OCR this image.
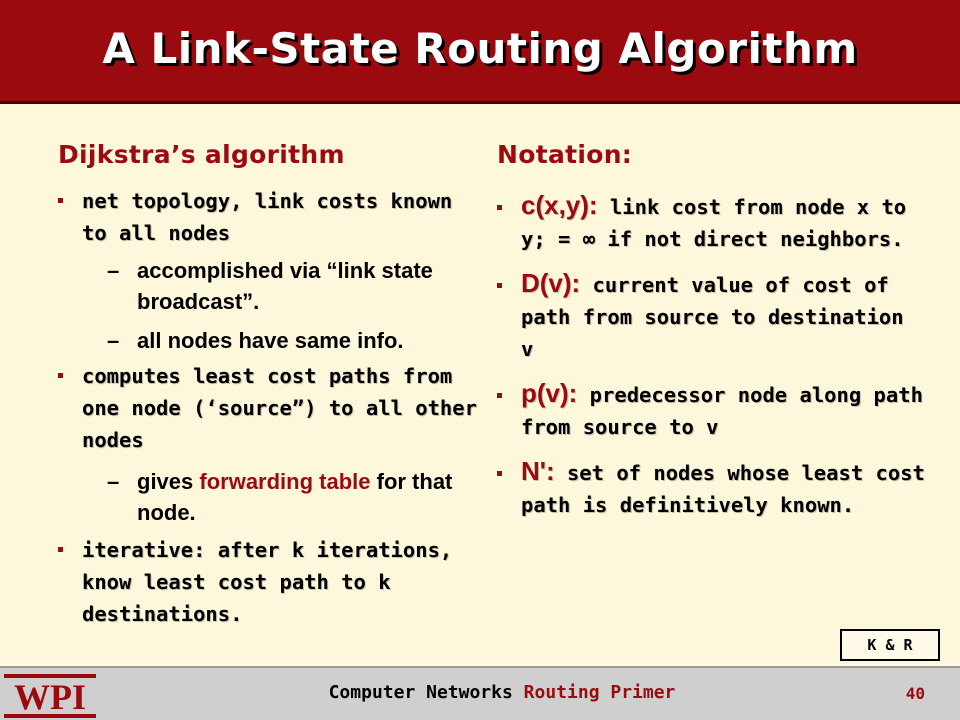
A Link-State Routing Algorithm
Dijkstra’s algorithm
net topology, link costs known to all nodes
– accomplished via “link state broadcast”.
– all nodes have same info.
computes least cost paths from one node (‘source”) to all other nodes
– gives forwarding table for that node.
iterative: after k iterations, know least cost path to k destinations.
Notation:
c(x,y): link cost from node x to y; = ∞ if not direct neighbors.
D(v): current value of cost of path from source to destination v
p(v): predecessor node along path from source to v
N': set of nodes whose least cost path is definitively known.
K & R
WPI	Computer Networks Routing Primer	40
